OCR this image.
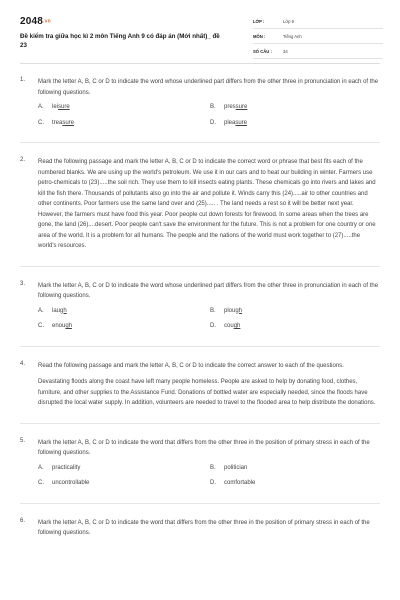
2048.vn
Đề kiểm tra giữa học kì 2 môn Tiếng Anh 9 có đáp án (Mới nhất)_ đề 23
LỚP :	Lớp 9
MÔN :	Tiếng Anh
SỐ CÂU :	34
1. Mark the letter A, B, C or D to indicate the word whose underlined part differs from the other three in pronunciation in each of the following questions.
A.	leisure	B.	pressure
C.	treasure	D.	pleasure
2. Read the following passage and mark the letter A, B, C or D to indicate the correct word or phrase that best fits each of the numbered blanks. We are using up the world's petroleum. We use it in our cars and to heat our building in winter. Farmers use petro-chemicals to (23).....the soil rich. They use them to kill insects eating plants. These chemicals go into rivers and lakes and kill the fish there. Thousands of pollutants also go into the air and pollute it. Winds carry this (24).....air to other countries and other continents. Poor farmers use the same land over and (25)..... . The land needs a rest so it will be better next year. However, the farmers must have food this year. Poor people cut down forests for firewood. In some areas when the trees are gone, the land (26)....desert. Poor people can't save the environment for the future. This is not a problem for one country or one area of the world. It is a problem for all humans. The people and the nations of the world must work together to (27).....the world's resources.
3. Mark the letter A, B, C or D to indicate the word whose underlined part differs from the other three in pronunciation in each of the following questions.
A.	laugh	B.	plough
C.	enough	D.	cough
4. Read the following passage and mark the letter A, B, C or D to indicate the correct answer to each of the questions.
Devastating floods along the coast have left many people homeless. People are asked to help by donating food, clothes, furniture, and other supplies to the Assistance Fund. Donations of bottled water are especially needed, since the floods have disrupted the local water supply. In addition, volunteers are needed to travel to the flooded area to help distribute the donations.
5. Mark the letter A, B, C or D to indicate the word that differs from the other three in the position of primary stress in each of the following questions.
A.	practicality	B.	politician
C.	uncontrollable	D.	comfortable
6. Mark the letter A, B, C or D to indicate the word that differs from the other three in the position of primary stress in each of the following questions.
